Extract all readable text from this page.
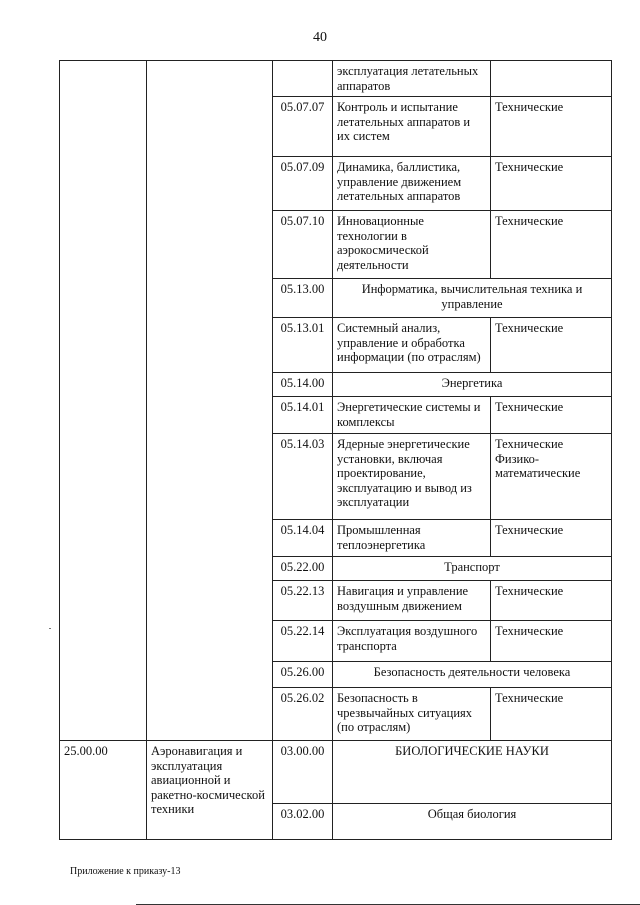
40
			эксплуатация летательных аппаратов	
		05.07.07	Контроль и испытание летательных аппаратов и их систем	Технические
		05.07.09	Динамика, баллистика, управление движением летательных аппаратов	Технические
		05.07.10	Инновационные технологии в аэрокосмической деятельности	Технические
		05.13.00	Информатика, вычислительная техника и управление	
		05.13.01	Системный анализ, управление и обработка информации (по отраслям)	Технические
		05.14.00	Энергетика	
		05.14.01	Энергетические системы и комплексы	Технические
		05.14.03	Ядерные энергетические установки, включая проектирование, эксплуатацию и вывод из эксплуатации	Технические Физико-математические
		05.14.04	Промышленная теплоэнергетика	Технические
		05.22.00	Транспорт	
		05.22.13	Навигация и управление воздушным движением	Технические
		05.22.14	Эксплуатация воздушного транспорта	Технические
		05.26.00	Безопасность деятельности человека	
		05.26.02	Безопасность в чрезвычайных ситуациях (по отраслям)	Технические
25.00.00	Аэронавигация и эксплуатация авиационной и ракетно-космической техники	03.00.00	БИОЛОГИЧЕСКИЕ НАУКИ	
		03.02.00	Общая биология	
Приложение к приказу-13
